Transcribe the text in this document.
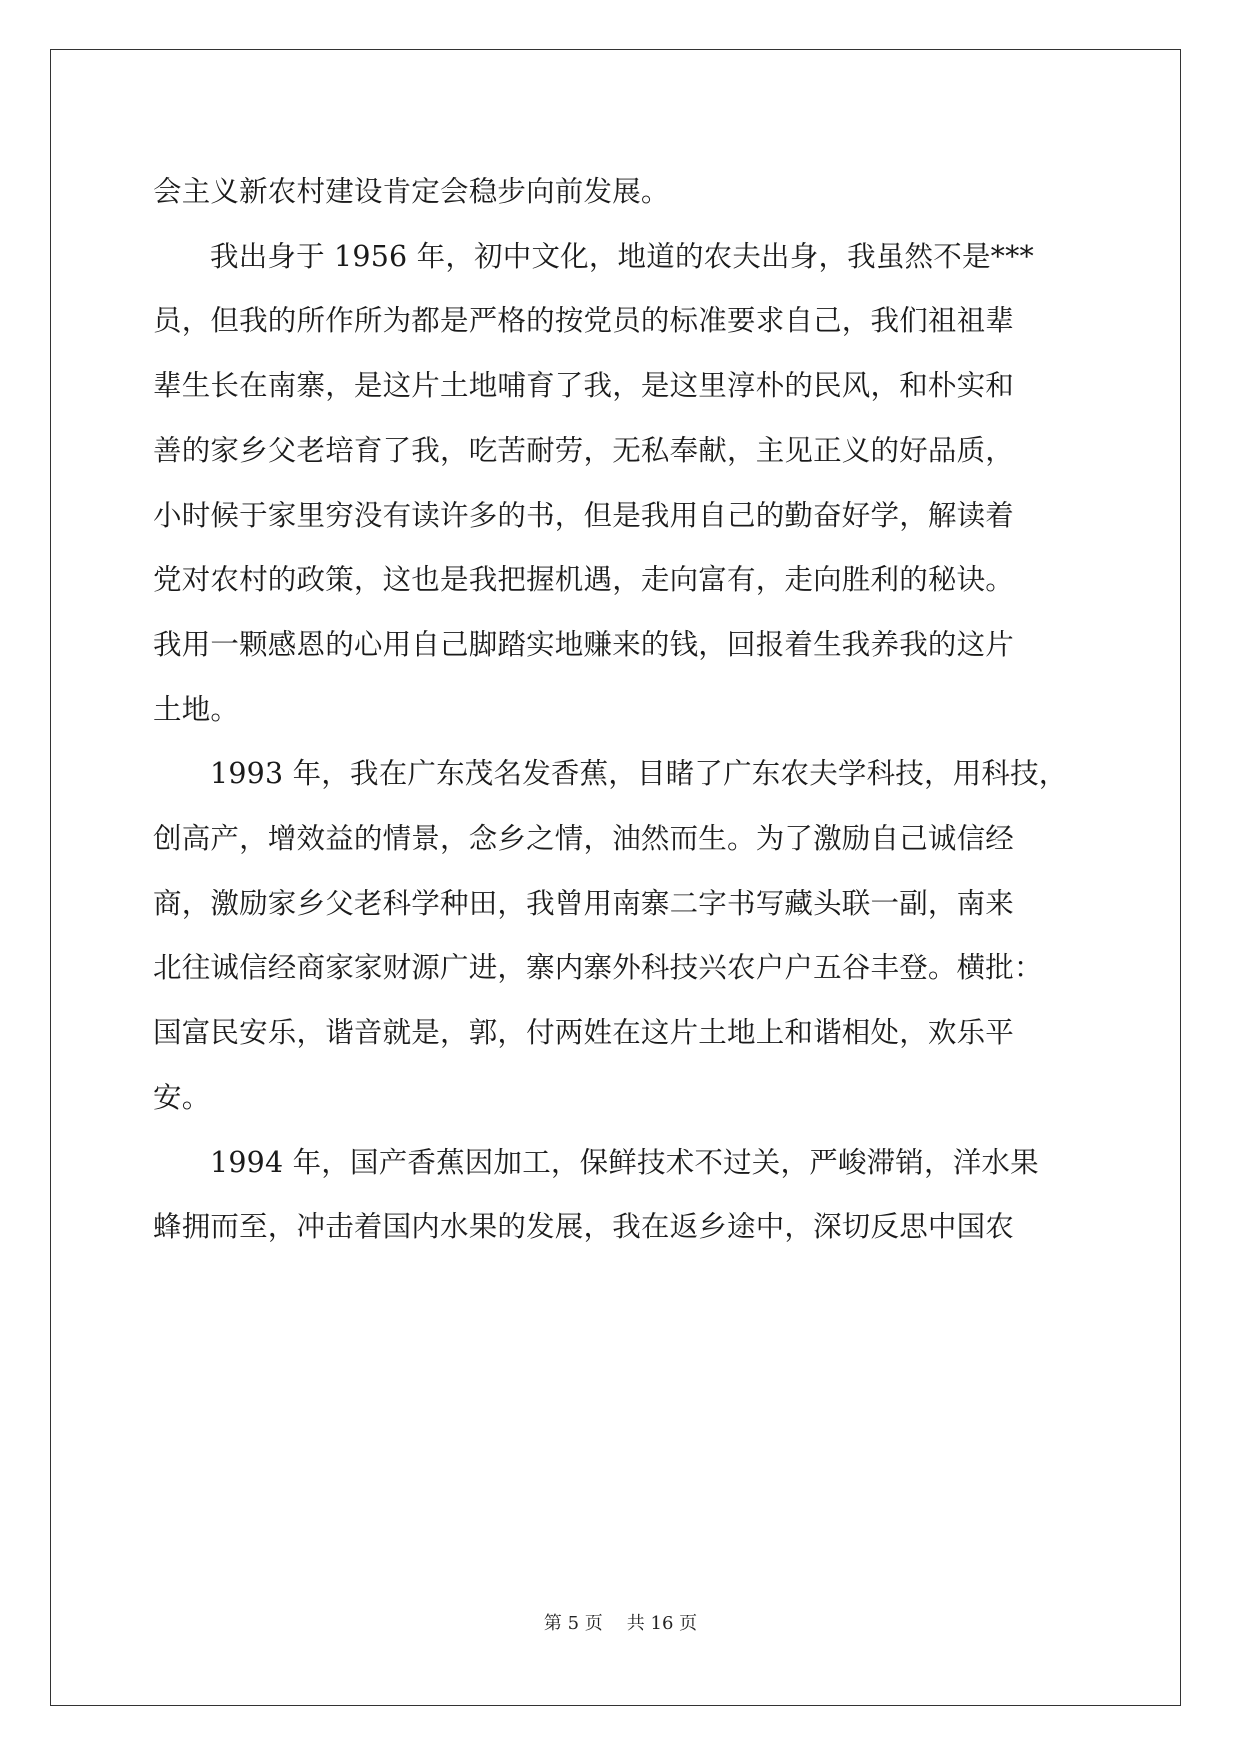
会主义新农村建设肯定会稳步向前发展。

我出身于 1956 年，初中文化，地道的农夫出身，我虽然不是***
员，但我的所作所为都是严格的按党员的标准要求自己，我们祖祖辈
辈生长在南寨，是这片土地哺育了我，是这里淳朴的民风，和朴实和
善的家乡父老培育了我，吃苦耐劳，无私奉献，主见正义的好品质，
小时候于家里穷没有读许多的书，但是我用自己的勤奋好学，解读着
党对农村的政策，这也是我把握机遇，走向富有，走向胜利的秘诀。
我用一颗感恩的心用自己脚踏实地赚来的钱，回报着生我养我的这片
土地。

1993 年，我在广东茂名发香蕉，目睹了广东农夫学科技，用科技，
创高产，增效益的情景，念乡之情，油然而生。为了激励自己诚信经
商，激励家乡父老科学种田，我曾用南寨二字书写藏头联一副，南来
北往诚信经商家家财源广进，寨内寨外科技兴农户户五谷丰登。横批：
国富民安乐，谐音就是，郭，付两姓在这片土地上和谐相处，欢乐平
安。

1994 年，国产香蕉因加工，保鲜技术不过关，严峻滞销，洋水果
蜂拥而至，冲击着国内水果的发展，我在返乡途中，深切反思中国农

第 5 页 共 16 页
